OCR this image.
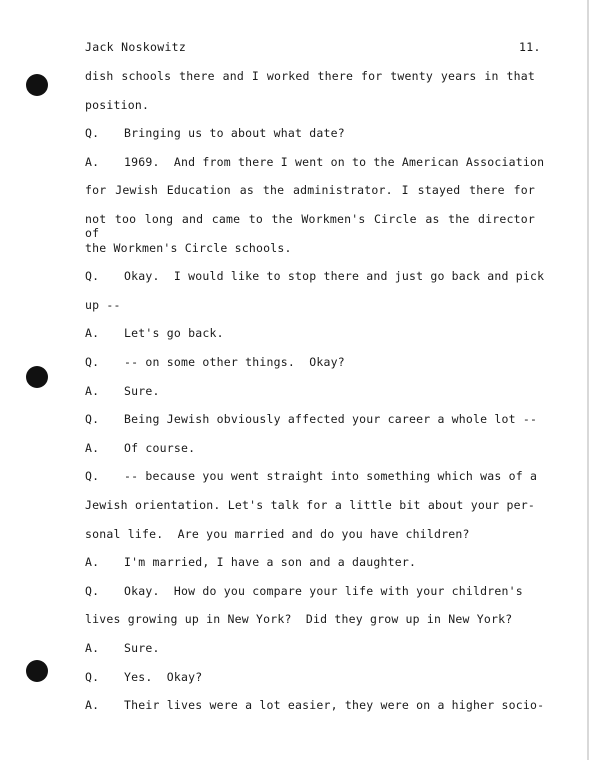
Jack Noskowitz	11.
dish schools there and I worked there for twenty years in that
position.
Q. Bringing us to about what date?
A. 1969.  And from there I went on to the American Association
for Jewish Education as the administrator. I stayed there for
not too long and came to the Workmen's Circle as the director of
the Workmen's Circle schools.
Q. Okay.  I would like to stop there and just go back and pick
up --
A. Let's go back.
Q. -- on some other things.  Okay?
A. Sure.
Q. Being Jewish obviously affected your career a whole lot --
A. Of course.
Q. -- because you went straight into something which was of a
Jewish orientation. Let's talk for a little bit about your per-
sonal life.  Are you married and do you have children?
A. I'm married, I have a son and a daughter.
Q. Okay.  How do you compare your life with your children's
lives growing up in New York?  Did they grow up in New York?
A. Sure.
Q. Yes.  Okay?
A. Their lives were a lot easier, they were on a higher socio-
